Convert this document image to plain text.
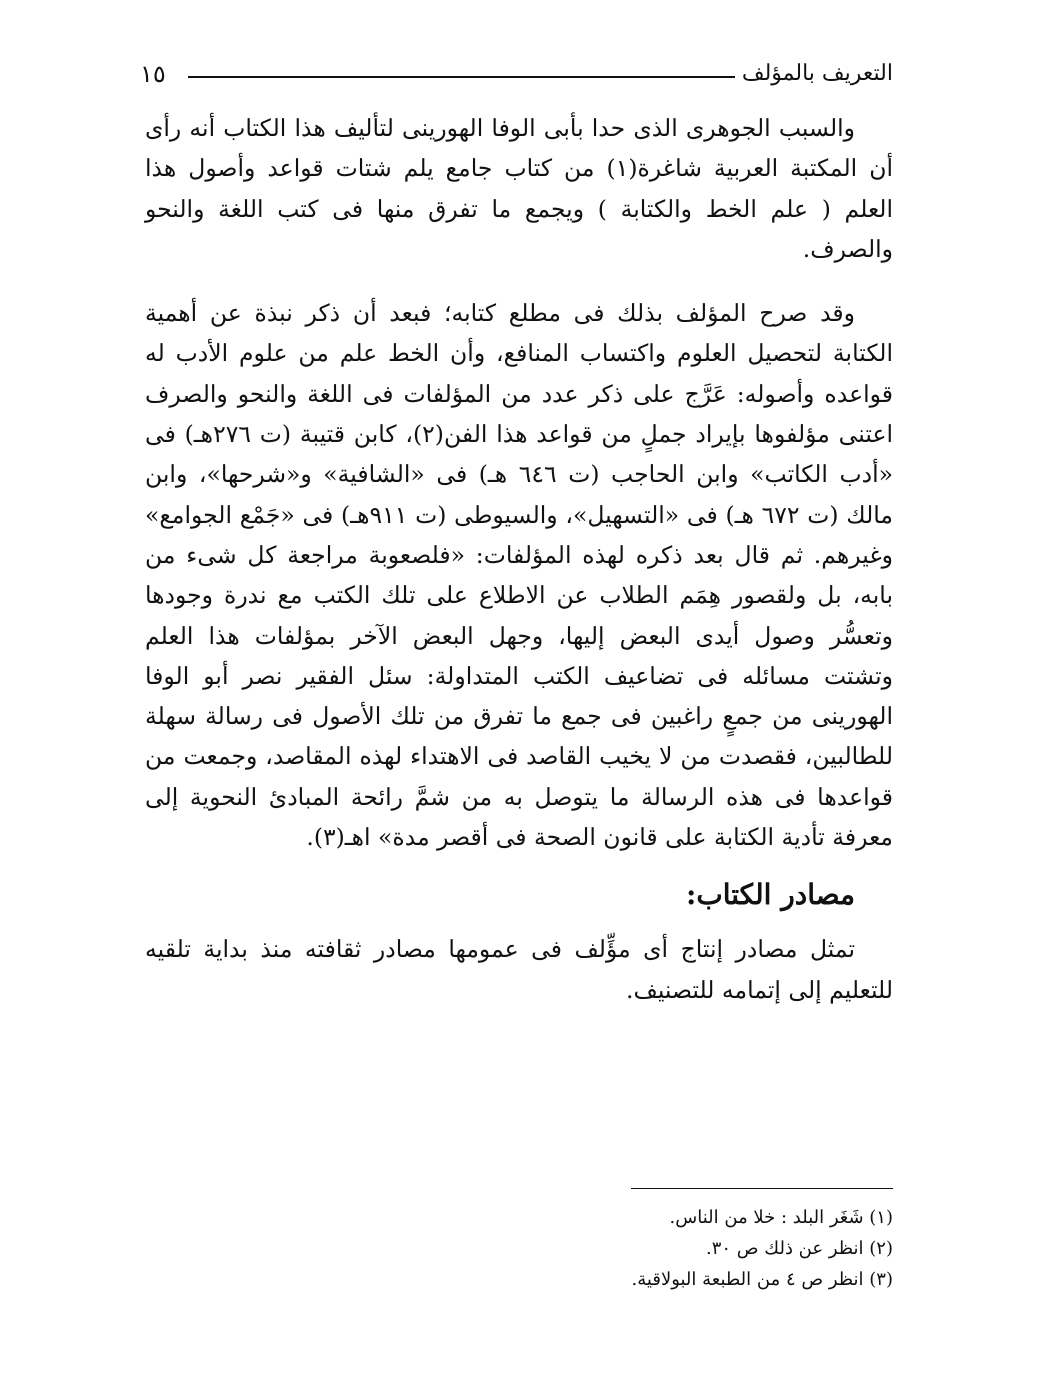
التعريف بالمؤلف
١٥

والسبب الجوهرى الذى حدا بأبى الوفا الهورينى لتأليف هذا الكتاب أنه رأى أن المكتبة العربية شاغرة(١) من كتاب جامع يلم شتات قواعد وأصول هذا العلم ( علم الخط والكتابة ) ويجمع ما تفرق منها فى كتب اللغة والنحو والصرف.

وقد صرح المؤلف بذلك فى مطلع كتابه؛ فبعد أن ذكر نبذة عن أهمية الكتابة لتحصيل العلوم واكتساب المنافع، وأن الخط علم من علوم الأدب له قواعده وأصوله: عَرَّج على ذكر عدد من المؤلفات فى اللغة والنحو والصرف اعتنى مؤلفوها بإيراد جملٍ من قواعد هذا الفن(٢)، كابن قتيبة (ت ٢٧٦هـ) فى «أدب الكاتب» وابن الحاجب (ت ٦٤٦ هـ) فى «الشافية» و«شرحها»، وابن مالك (ت ٦٧٢ هـ) فى «التسهيل»، والسيوطى (ت ٩١١هـ) فى «جَمْع الجوامع» وغيرهم. ثم قال بعد ذكره لهذه المؤلفات: «فلصعوبة مراجعة كل شىء من بابه، بل ولقصور هِمَم الطلاب عن الاطلاع على تلك الكتب مع ندرة وجودها وتعسُّر وصول أيدى البعض إليها، وجهل البعض الآخر بمؤلفات هذا العلم وتشتت مسائله فى تضاعيف الكتب المتداولة: سئل الفقير نصر أبو الوفا الهورينى من جمعٍ راغبين فى جمع ما تفرق من تلك الأصول فى رسالة سهلة للطالبين، فقصدت من لا يخيب القاصد فى الاهتداء لهذه المقاصد، وجمعت من قواعدها فى هذه الرسالة ما يتوصل به من شمَّ رائحة المبادئ النحوية إلى معرفة تأدية الكتابة على قانون الصحة فى أقصر مدة» اهـ(٣).

مصادر الكتاب:

تمثل مصادر إنتاج أى مؤِّلف فى عمومها مصادر ثقافته منذ بداية تلقيه للتعليم إلى إتمامه للتصنيف.

(١) شَغَر البلد : خلا من الناس.

(٢) انظر عن ذلك ص ٣٠.

(٣) انظر ص ٤ من الطبعة البولاقية.
